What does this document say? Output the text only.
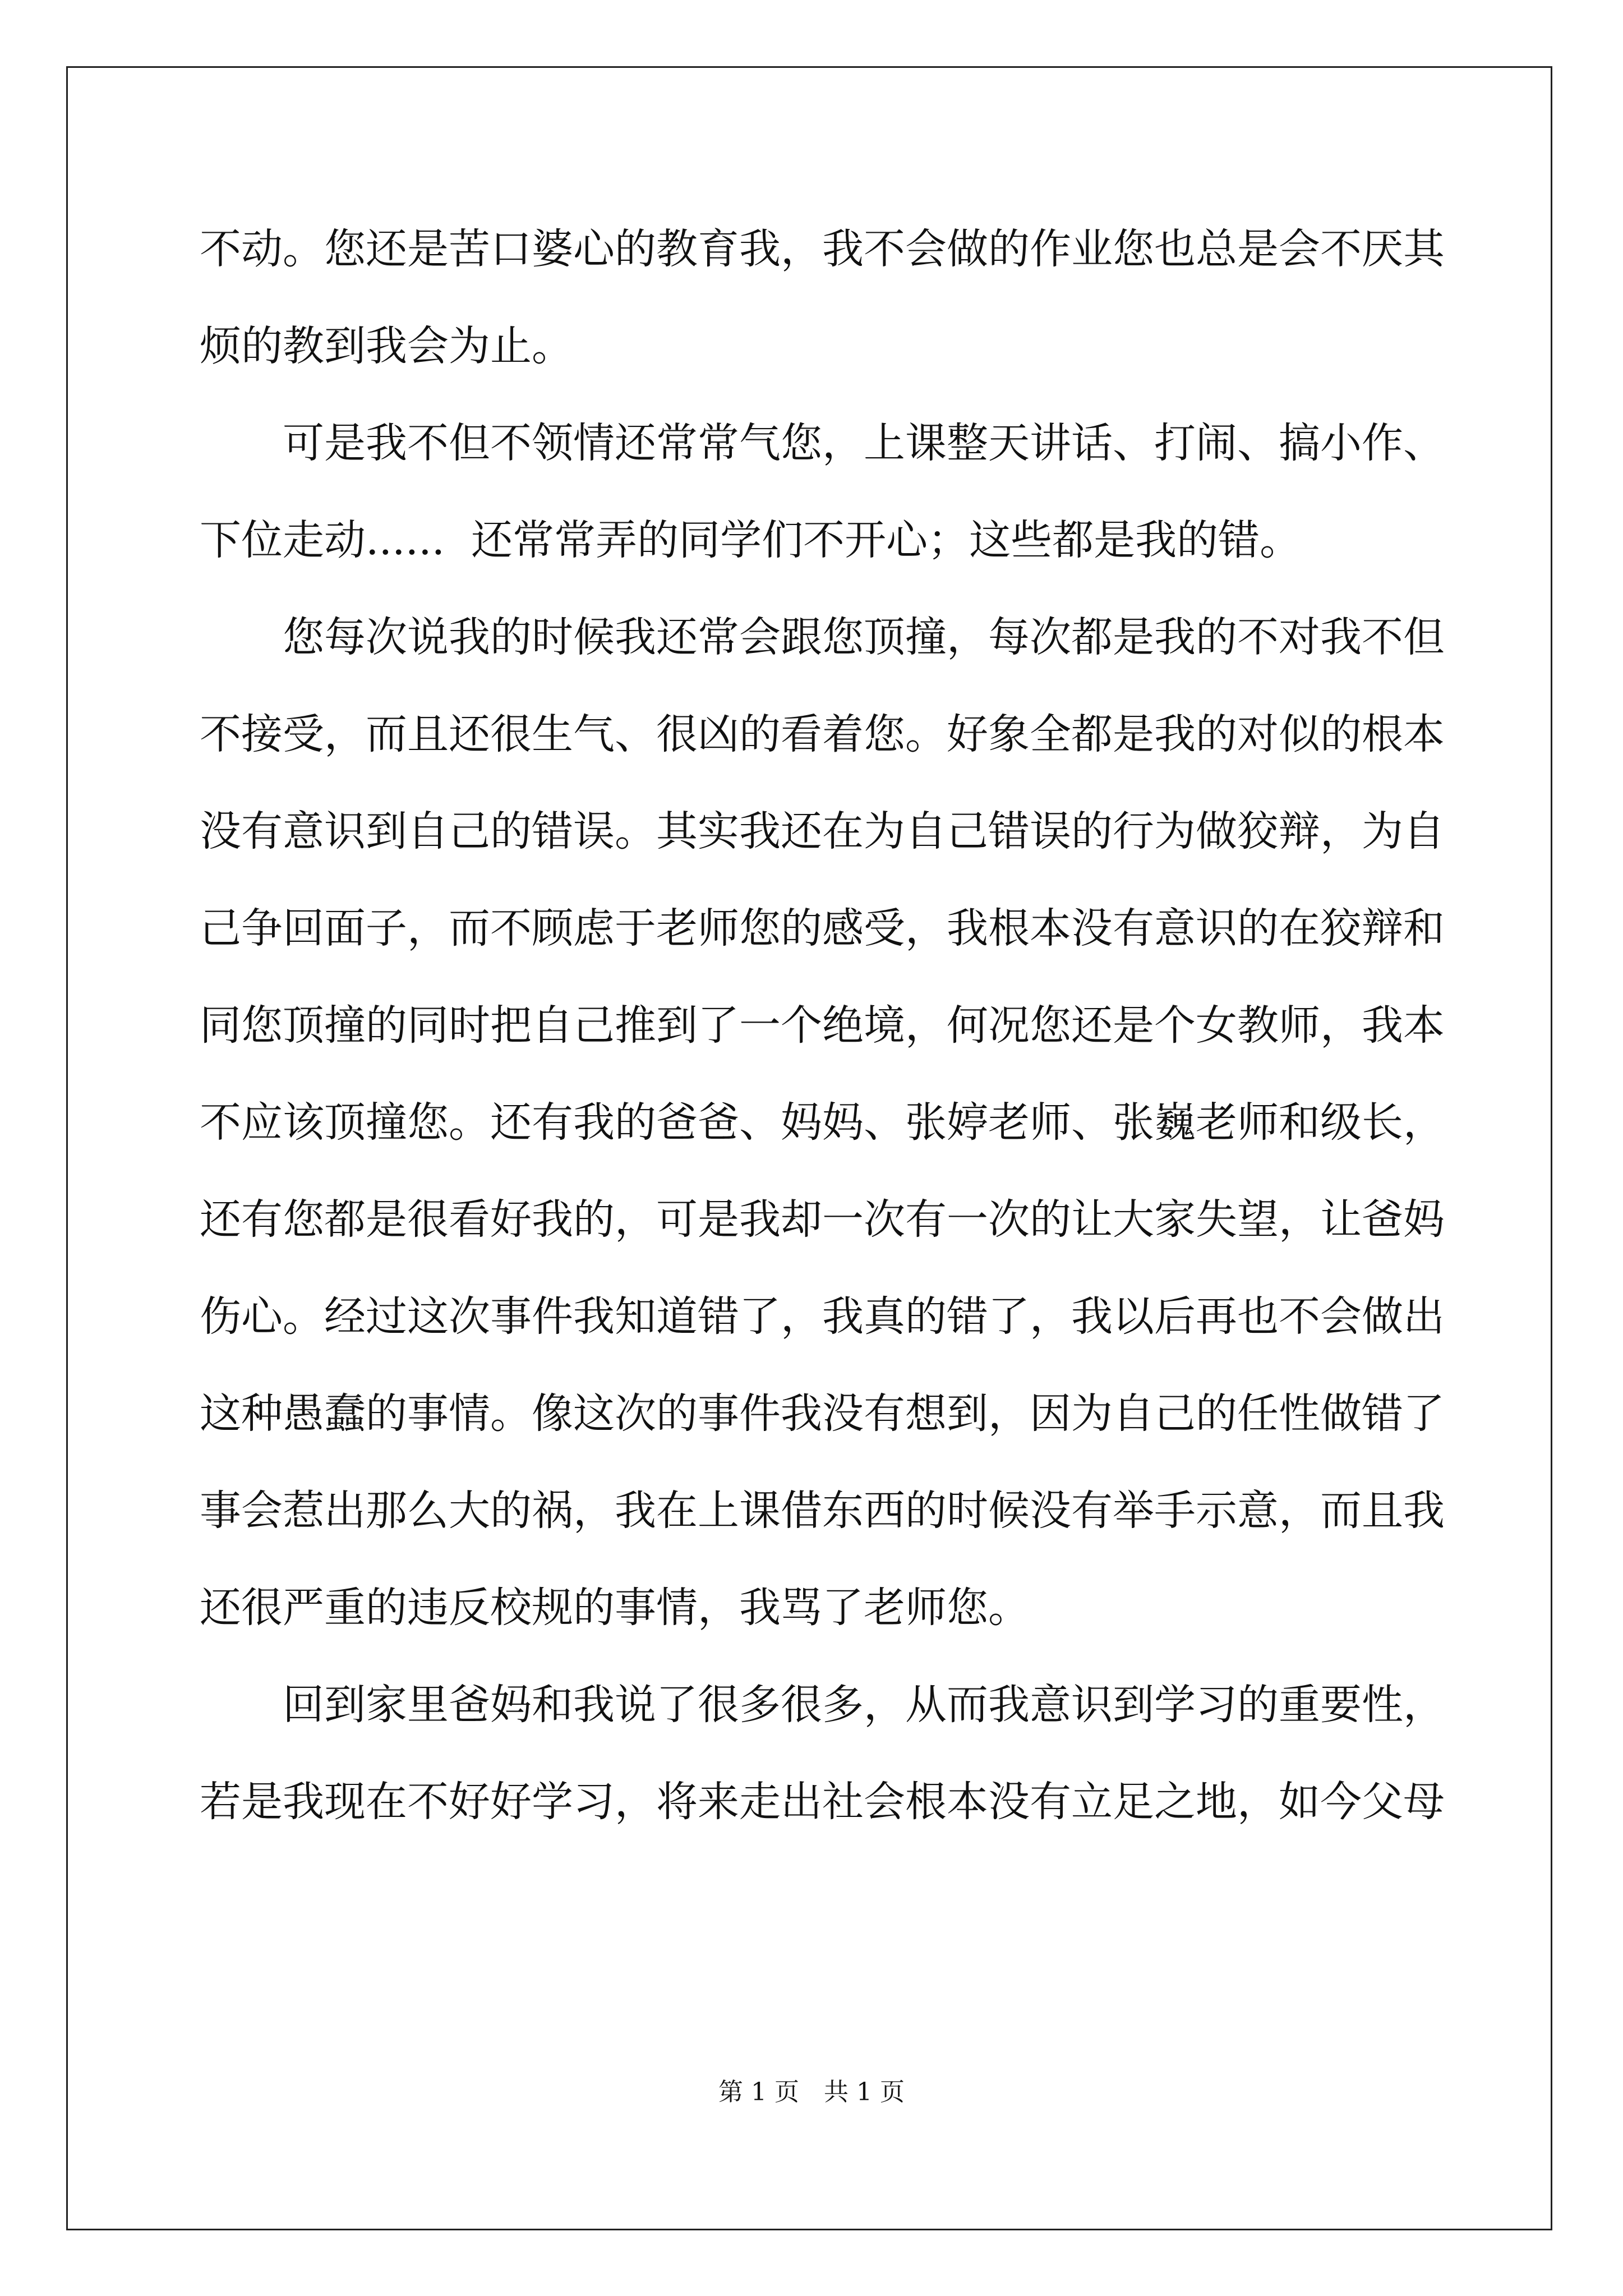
不动。您还是苦口婆心的教育我，我不会做的作业您也总是会不厌其
烦的教到我会为止。
　　可是我不但不领情还常常气您，上课整天讲话、打闹、搞小作、
下位走动......  还常常弄的同学们不开心；这些都是我的错。
　　您每次说我的时候我还常会跟您顶撞，每次都是我的不对我不但
不接受，而且还很生气、很凶的看着您。好象全都是我的对似的根本
没有意识到自己的错误。其实我还在为自己错误的行为做狡辩，为自
己争回面子，而不顾虑于老师您的感受，我根本没有意识的在狡辩和
同您顶撞的同时把自己推到了一个绝境，何况您还是个女教师，我本
不应该顶撞您。还有我的爸爸、妈妈、张婷老师、张巍老师和级长，
还有您都是很看好我的，可是我却一次有一次的让大家失望，让爸妈
伤心。经过这次事件我知道错了，我真的错了，我以后再也不会做出
这种愚蠢的事情。像这次的事件我没有想到，因为自己的任性做错了
事会惹出那么大的祸，我在上课借东西的时候没有举手示意，而且我
还很严重的违反校规的事情，我骂了老师您。
　　回到家里爸妈和我说了很多很多，从而我意识到学习的重要性，
若是我现在不好好学习，将来走出社会根本没有立足之地，如今父母
第 1 页　共 1 页
